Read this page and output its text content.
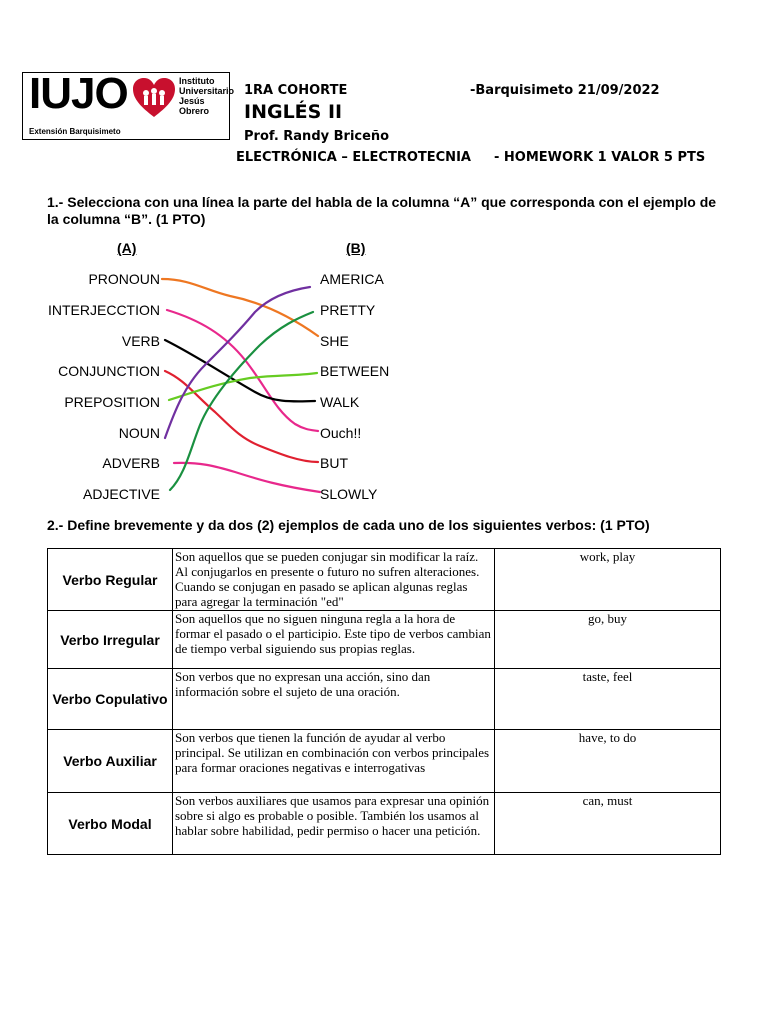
IUJO	Instituto
Universitario
Jesús
Obrero
Extensión Barquisimeto
1RA COHORTE	-Barquisimeto 21/09/2022
INGLÉS II
Prof. Randy Briceño
ELECTRÓNICA – ELECTROTECNIA - HOMEWORK 1 VALOR 5 PTS
1.- Selecciona con una línea la parte del habla de la columna “A” que corresponda con el ejemplo de la columna “B”. (1 PTO)
(A)	(B)
PRONOUN
INTERJECCTION
VERB
CONJUNCTION
PREPOSITION
NOUN
ADVERB
ADJECTIVE
AMERICA
PRETTY
SHE
BETWEEN
WALK
Ouch!!
BUT
SLOWLY
2.- Define brevemente y da dos (2) ejemplos de cada uno de los siguientes verbos: (1 PTO)
Verbo Regular	Son aquellos que se pueden conjugar sin modificar la raíz. Al conjugarlos en presente o futuro no sufren alteraciones. Cuando se conjugan en pasado se aplican algunas reglas para agregar la terminación "ed"	work, play
Verbo Irregular	Son aquellos que no siguen ninguna regla a la hora de formar el pasado o el participio. Este tipo de verbos cambian de tiempo verbal siguiendo sus propias reglas.	go, buy
Verbo Copulativo	Son verbos que no expresan una acción, sino dan información sobre el sujeto de una oración.	taste, feel
Verbo Auxiliar	Son verbos que tienen la función de ayudar al verbo principal. Se utilizan en combinación con verbos principales para formar oraciones negativas e interrogativas	have, to do
Verbo Modal	Son verbos auxiliares que usamos para expresar una opinión sobre si algo es probable o posible. También los usamos al hablar sobre habilidad, pedir permiso o hacer una petición.	can, must
